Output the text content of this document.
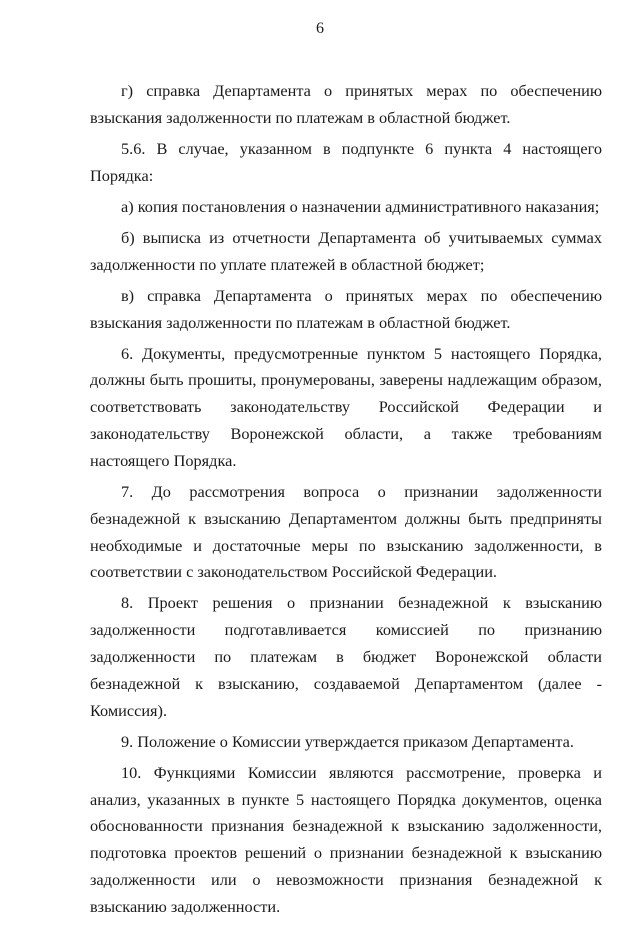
6

г) справка Департамента о принятых мерах по обеспечению взыскания задолженности по платежам в областной бюджет.

5.6. В случае, указанном в подпункте 6 пункта 4 настоящего Порядка:

а) копия постановления о назначении административного наказания;

б) выписка из отчетности Департамента об учитываемых суммах задолженности по уплате платежей в областной бюджет;

в) справка Департамента о принятых мерах по обеспечению взыскания задолженности по платежам в областной бюджет.

6. Документы, предусмотренные пунктом 5 настоящего Порядка, должны быть прошиты, пронумерованы, заверены надлежащим образом, соответствовать законодательству Российской Федерации и законодательству Воронежской области, а также требованиям настоящего Порядка.

7. До рассмотрения вопроса о признании задолженности безнадежной к взысканию Департаментом должны быть предприняты необходимые и достаточные меры по взысканию задолженности, в соответствии с законодательством Российской Федерации.

8. Проект решения о признании безнадежной к взысканию задолженности подготавливается комиссией по признанию задолженности по платежам в бюджет Воронежской области безнадежной к взысканию, создаваемой Департаментом (далее - Комиссия).

9. Положение о Комиссии утверждается приказом Департамента.

10. Функциями Комиссии являются рассмотрение, проверка и анализ, указанных в пункте 5 настоящего Порядка документов, оценка обоснованности признания безнадежной к взысканию задолженности, подготовка проектов решений о признании безнадежной к взысканию задолженности или о невозможности признания безнадежной к взысканию задолженности.
